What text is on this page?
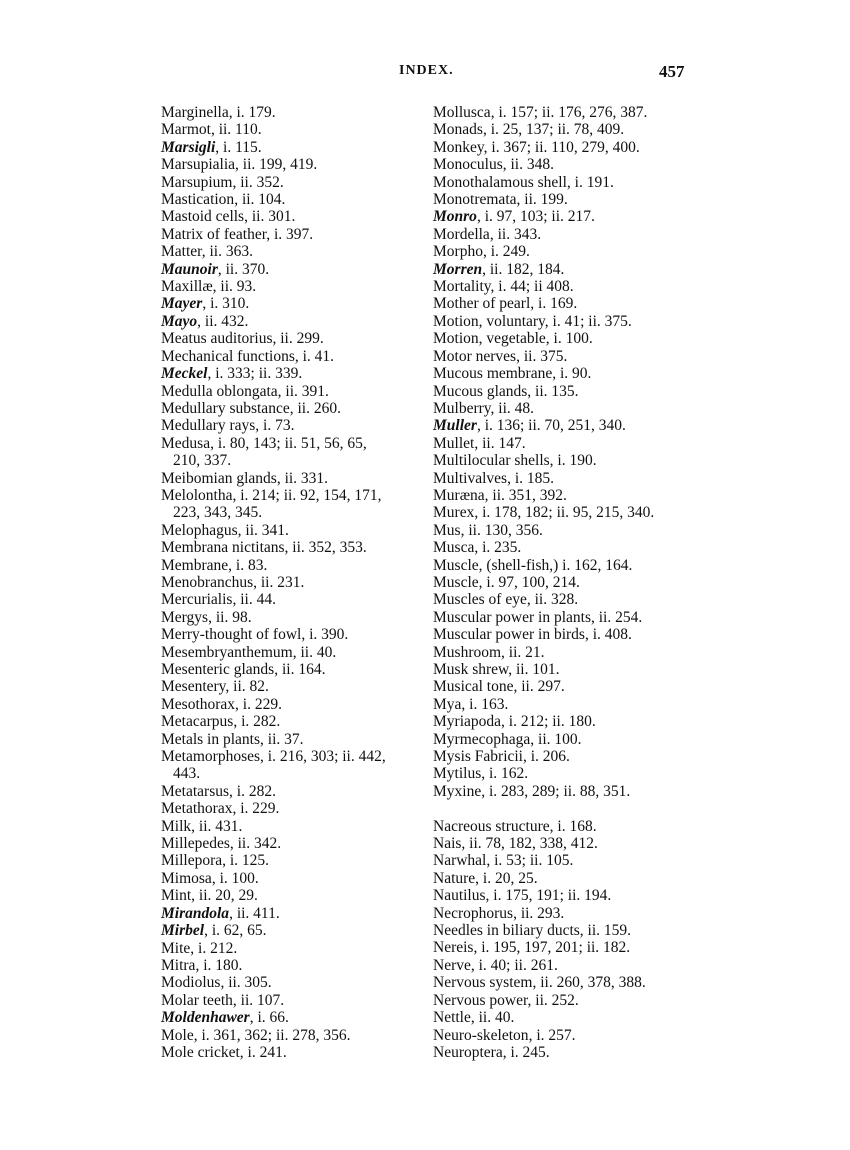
INDEX.	457
Marginella, i. 179.
Marmot, ii. 110.
Marsigli, i. 115.
Marsupialia, ii. 199, 419.
Marsupium, ii. 352.
Mastication, ii. 104.
Mastoid cells, ii. 301.
Matrix of feather, i. 397.
Matter, ii. 363.
Maunoir, ii. 370.
Maxillæ, ii. 93.
Mayer, i. 310.
Mayo, ii. 432.
Meatus auditorius, ii. 299.
Mechanical functions, i. 41.
Meckel, i. 333; ii. 339.
Medulla oblongata, ii. 391.
Medullary substance, ii. 260.
Medullary rays, i. 73.
Medusa, i. 80, 143; ii. 51, 56, 65,
210, 337.
Meibomian glands, ii. 331.
Melolontha, i. 214; ii. 92, 154, 171,
223, 343, 345.
Melophagus, ii. 341.
Membrana nictitans, ii. 352, 353.
Membrane, i. 83.
Menobranchus, ii. 231.
Mercurialis, ii. 44.
Mergys, ii. 98.
Merry-thought of fowl, i. 390.
Mesembryanthemum, ii. 40.
Mesenteric glands, ii. 164.
Mesentery, ii. 82.
Mesothorax, i. 229.
Metacarpus, i. 282.
Metals in plants, ii. 37.
Metamorphoses, i. 216, 303; ii. 442,
443.
Metatarsus, i. 282.
Metathorax, i. 229.
Milk, ii. 431.
Millepedes, ii. 342.
Millepora, i. 125.
Mimosa, i. 100.
Mint, ii. 20, 29.
Mirandola, ii. 411.
Mirbel, i. 62, 65.
Mite, i. 212.
Mitra, i. 180.
Modiolus, ii. 305.
Molar teeth, ii. 107.
Moldenhawer, i. 66.
Mole, i. 361, 362; ii. 278, 356.
Mole cricket, i. 241.
Mollusca, i. 157; ii. 176, 276, 387.
Monads, i. 25, 137; ii. 78, 409.
Monkey, i. 367; ii. 110, 279, 400.
Monoculus, ii. 348.
Monothalamous shell, i. 191.
Monotremata, ii. 199.
Monro, i. 97, 103; ii. 217.
Mordella, ii. 343.
Morpho, i. 249.
Morren, ii. 182, 184.
Mortality, i. 44; ii 408.
Mother of pearl, i. 169.
Motion, voluntary, i. 41; ii. 375.
Motion, vegetable, i. 100.
Motor nerves, ii. 375.
Mucous membrane, i. 90.
Mucous glands, ii. 135.
Mulberry, ii. 48.
Muller, i. 136; ii. 70, 251, 340.
Mullet, ii. 147.
Multilocular shells, i. 190.
Multivalves, i. 185.
Muræna, ii. 351, 392.
Murex, i. 178, 182; ii. 95, 215, 340.
Mus, ii. 130, 356.
Musca, i. 235.
Muscle, (shell-fish,) i. 162, 164.
Muscle, i. 97, 100, 214.
Muscles of eye, ii. 328.
Muscular power in plants, ii. 254.
Muscular power in birds, i. 408.
Mushroom, ii. 21.
Musk shrew, ii. 101.
Musical tone, ii. 297.
Mya, i. 163.
Myriapoda, i. 212; ii. 180.
Myrmecophaga, ii. 100.
Mysis Fabricii, i. 206.
Mytilus, i. 162.
Myxine, i. 283, 289; ii. 88, 351.
Nacreous structure, i. 168.
Nais, ii. 78, 182, 338, 412.
Narwhal, i. 53; ii. 105.
Nature, i. 20, 25.
Nautilus, i. 175, 191; ii. 194.
Necrophorus, ii. 293.
Needles in biliary ducts, ii. 159.
Nereis, i. 195, 197, 201; ii. 182.
Nerve, i. 40; ii. 261.
Nervous system, ii. 260, 378, 388.
Nervous power, ii. 252.
Nettle, ii. 40.
Neuro-skeleton, i. 257.
Neuroptera, i. 245.
